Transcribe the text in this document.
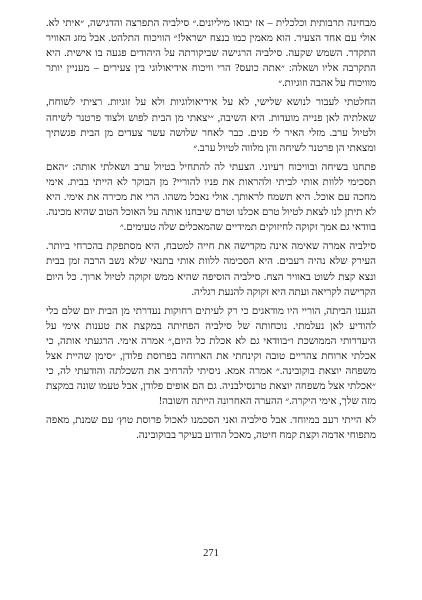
מבחינה תרבותית וכלכלית – אז יבואו מיליונים.״ סילביה התפרצה והדגישה, ״איתי לא. אולי עם אחד הצעיר. הוא מאמין כמו בנצח ישראל!״ הוויכוח התלהט. אבל מזג האוויר התקדר. השמש שקעה. סילביה הרגישה שביקורתה על היהודים פגעה בו אישית. היא התקרבה אליו ושאלה: ״אתה כועס? הרי וויכוח אידיאולוגי בין צעירים – מעניין יותר מוויכוח על אהבה וזוגיות.״

החלטתי לעבור לנושא שלישי, לא על אידיאולוגיות ולא על זוגיות. רציתי לשוחח, שאלתיה לאן פנייה מועדות. היא השיבה, ״יצאתי מן הבית לפוש ולצוד פרטנר לשיחה ולטיול ערב. מזלי האיר לי פנים. כבר לאחר שלושה עשר צעדים מן הבית פגשתיך ומצאתי הן פרטנר לשיחה והן מלווה לטיול ערב.״

פתחנו בשיחה ובוויכוח רעיוני. הצעתי לה להתחיל בטיול ערב ושאלתי אותה: ״האם תסכימי ללוות אותי לביתי ולהראות את פניו להוריי? מן הבוקר לא הייתי בבית. אימי מחכה עם אוכל. היא תשמח לראותך. אולי נאכל משהו. הרי את מכירה את אימי. היא לא תיתן לנו לצאת לטיול טרם אכלנו וטרם שיבחנו אותה על האוכל הטוב שהיא מכינה. בוודאי גם אמך זקוקה לחיזוקים תמידיים שהמאכלים שלה טעימים.״

סילביה אמרה שאימה אינה מקדישה את חייה למטבח, היא מסתפקת בהכרחי ביותר. העירק שלא נהיה רעבים. היא הסכימה ללוות אותי בתנאי שלא נשב הרבה זמן בבית ונצא קצת לשוט באוויר הצח. סילביה הוסיפה שהיא ממש זקוקה לטיול ארוך. כל היום הקדישה לקריאה ועתה היא זקוקה להנעת רגליה.

הגענו הביתה, הוריי היו מודאגים כי רק לעיתים רחוקות נעדרתי מן הבית יום שלם בלי להודיע לאן נעלמתי. נוכחותה של סילביה הפחיתה במקצת את טענות אימי על היעדרותי הממושכת ו״בוודאי גם לא אכלת כל היום,״ אמרה אימי. הרגעתי אותה, כי אכלתי ארוחת צהריים טובה וקינחתי את הארוחה בפרוסת פלודן, ״סימן שהיית אצל משפחה יוצאת בוקובינה.״ אמרה אמא. ניסיתי להרחיב את השכלתה והודעתי לה, כי ״אכלתי אצל משפחה יוצאת טרנסילבניה. גם הם אופים פלודן, אבל טעמו שונה במקצת מזה שלך, אימי היקרה.״ ההערה האחרונה הייתה חשובה!

לא הייתי רעב במיוחד. אבל סילביה ואני הסכמנו לאכול פרוסת טוץ׳ עם שמנת, מאפה מתפוחי אדמה וקצת קמח חיטה, מאכל הודוע בעיקר בבוקובינה.

271
